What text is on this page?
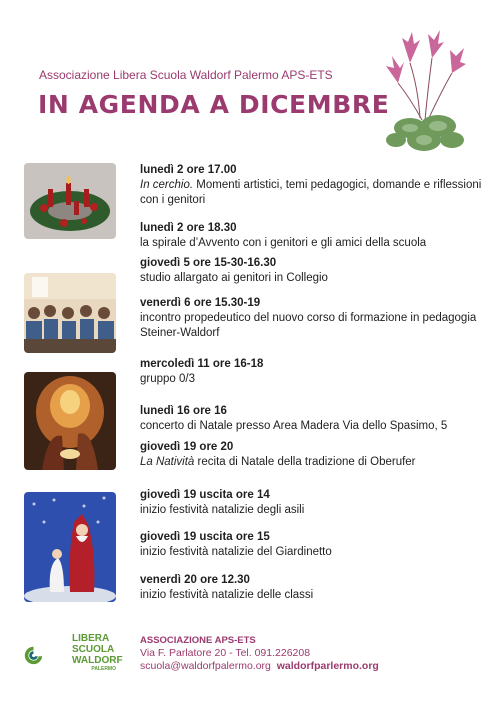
Associazione Libera Scuola Waldorf Palermo APS-ETS
IN AGENDA A DICEMBRE
lunedì 2 ore 17.00
In cerchio. Momenti artistici, temi pedagogici, domande e riflessioni con i genitori
lunedì 2 ore 18.30
la spirale d’Avvento con i genitori e gli amici della scuola
giovedì 5 ore 15-30-16.30
studio allargato ai genitori in Collegio
venerdì 6 ore 15.30-19
incontro propedeutico del nuovo corso di formazione in pedagogia Steiner-Waldorf
mercoledì 11 ore 16-18
gruppo 0/3
lunedì 16 ore 16
concerto di Natale presso Area Madera Via dello Spasimo, 5
giovedì 19 ore 20
La Natività recita di Natale della tradizione di Oberufer
giovedì 19 uscita ore 14
inizio festività natalizie degli asili
giovedì 19 uscita ore 15
inizio festività natalizie del Giardinetto
venerdì 20 ore 12.30
inizio festività natalizie delle classi
LIBERA
SCUOLA
WALDORF
PALERMO
ASSOCIAZIONE APS-ETS
Via F. Parlatore 20 - Tel. 091.226208
scuola@waldorfpalermo.org waldorfparlermo.org
